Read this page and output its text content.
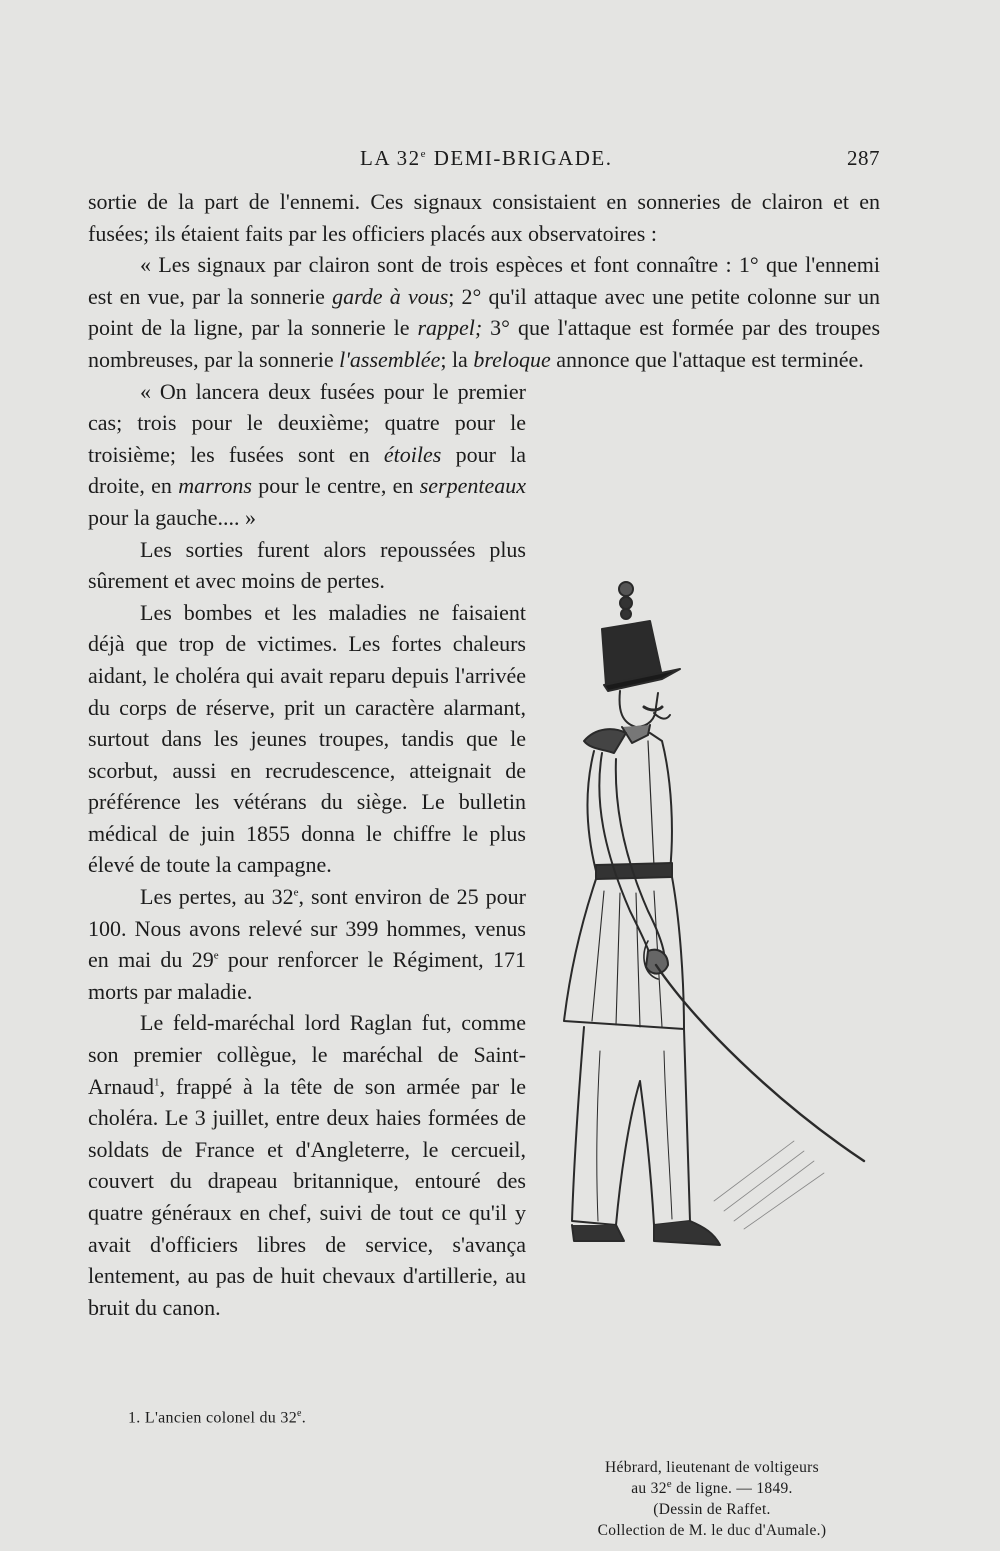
LA 32e DEMI-BRIGADE.	287

sortie de la part de l'ennemi. Ces signaux consistaient en sonneries de clairon et en fusées; ils étaient faits par les officiers placés aux observatoires :

« Les signaux par clairon sont de trois espèces et font connaître : 1° que l'ennemi est en vue, par la sonnerie garde à vous; 2° qu'il attaque avec une petite colonne sur un point de la ligne, par la sonnerie le rappel; 3° que l'attaque est formée par des troupes nombreuses, par la sonnerie l'assemblée; la breloque annonce que l'attaque est terminée.

Hébrard, lieutenant de voltigeurs
au 32e de ligne. — 1849.
(Dessin de Raffet.
Collection de M. le duc d'Aumale.)

« On lancera deux fusées pour le premier cas; trois pour le deuxième; quatre pour le troisième; les fusées sont en étoiles pour la droite, en marrons pour le centre, en serpenteaux pour la gauche.... »

Les sorties furent alors repoussées plus sûrement et avec moins de pertes.

Les bombes et les maladies ne faisaient déjà que trop de victimes. Les fortes chaleurs aidant, le choléra qui avait reparu depuis l'arrivée du corps de réserve, prit un caractère alarmant, surtout dans les jeunes troupes, tandis que le scorbut, aussi en recrudescence, atteignait de préférence les vétérans du siège. Le bulletin médical de juin 1855 donna le chiffre le plus élevé de toute la campagne.

Les pertes, au 32e, sont environ de 25 pour 100. Nous avons relevé sur 399 hommes, venus en mai du 29e pour renforcer le Régiment, 171 morts par maladie.

Le feld-maréchal lord Raglan fut, comme son premier collègue, le maréchal de Saint-Arnaud$^1$, frappé à la tête de son armée par le choléra. Le 3 juillet, entre deux haies formées de soldats de France et d'Angleterre, le cercueil, couvert du drapeau britannique, entouré des quatre généraux en chef, suivi de tout ce qu'il y avait d'officiers libres de service, s'avança lentement, au pas de huit chevaux d'artillerie, au bruit du canon.

1. L'ancien colonel du 32e.
